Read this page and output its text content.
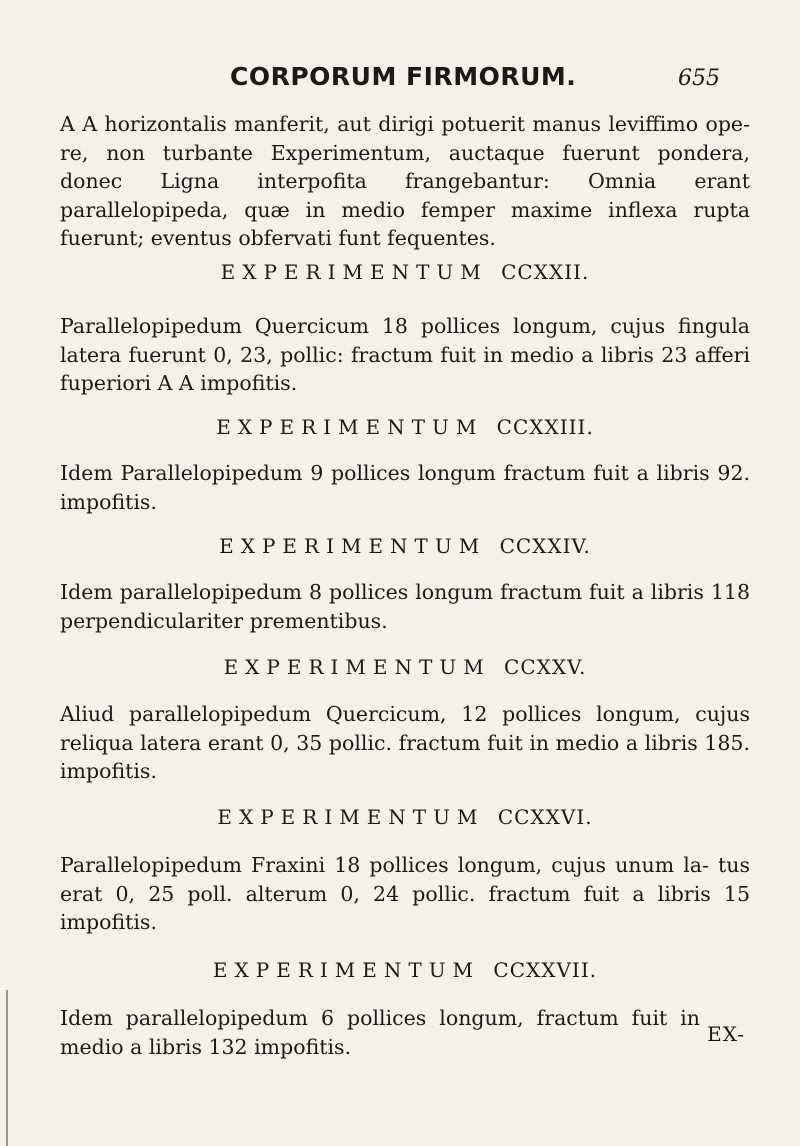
CORPORUM FIRMORUM.	655
A A horizontalis manferit, aut dirigi potuerit manus leviffimo ope- re, non turbante Experimentum, auctaque fuerunt pondera, donec Ligna interpofita frangebantur: Omnia erant parallelopipeda, quæ in medio femper maxime inflexa rupta fuerunt; eventus obfervati funt fequentes.
EXPERIMENTUM CCXXII.
Parallelopipedum Quercicum 18 pollices longum, cujus fingula latera fuerunt 0, 23, pollic: fractum fuit in medio a libris 23 afferi fuperiori A A impofitis.
EXPERIMENTUM CCXXIII.
Idem Parallelopipedum 9 pollices longum fractum fuit a libris 92. impofitis.
EXPERIMENTUM CCXXIV.
Idem parallelopipedum 8 pollices longum fractum fuit a libris 118 perpendiculariter prementibus.
EXPERIMENTUM CCXXV.
Aliud parallelopipedum Quercicum, 12 pollices longum, cujus reliqua latera erant 0, 35 pollic. fractum fuit in medio a libris 185. impofitis.
EXPERIMENTUM CCXXVI.
Parallelopipedum Fraxini 18 pollices longum, cujus unum la- tus erat 0, 25 poll. alterum 0, 24 pollic. fractum fuit a libris 15 impofitis.
EXPERIMENTUM CCXXVII.
Idem parallelopipedum 6 pollices longum, fractum fuit in medio a libris 132 impofitis.
EX-
